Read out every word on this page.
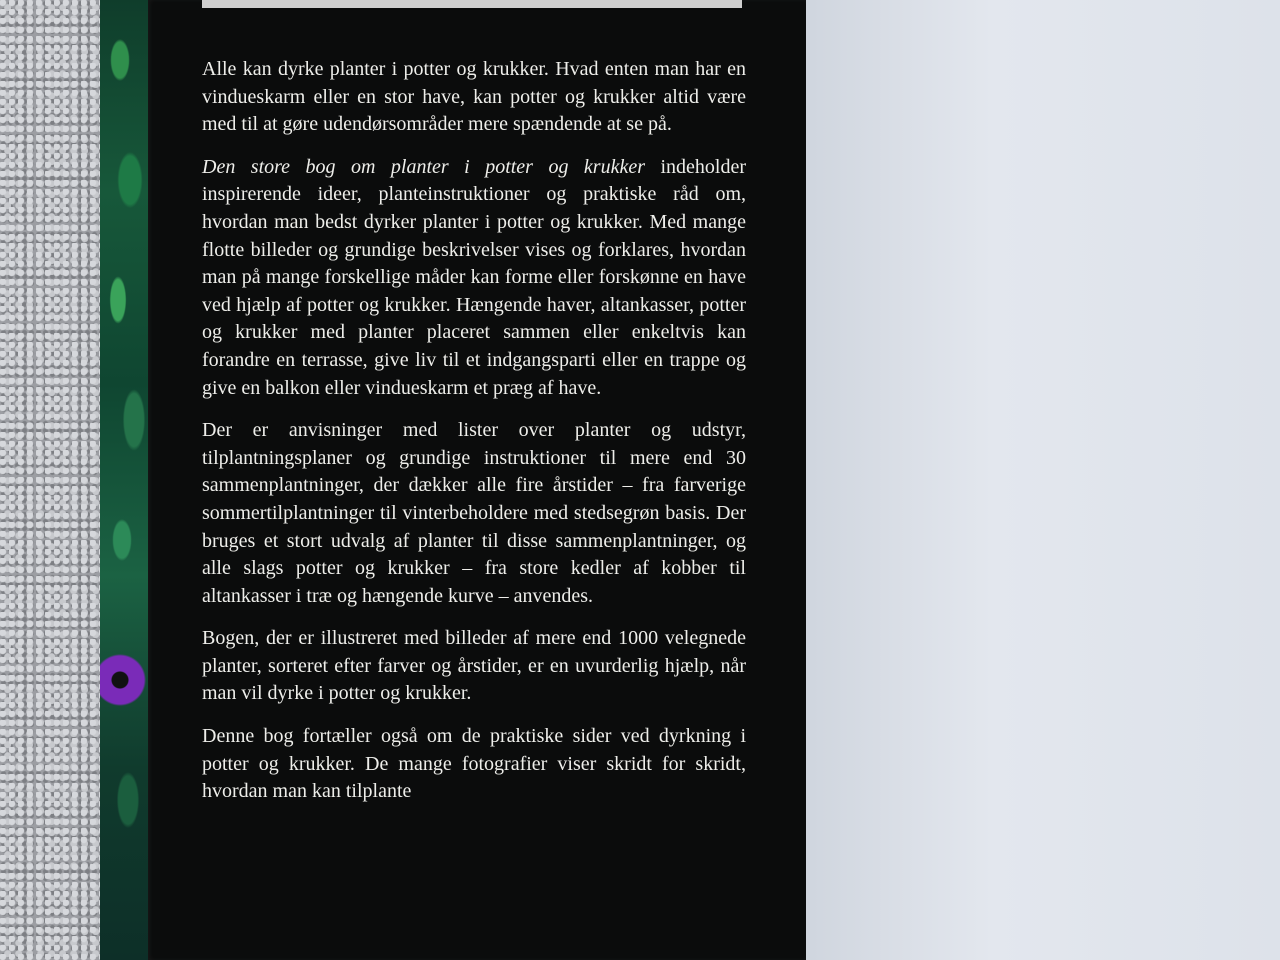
Alle kan dyrke planter i potter og krukker. Hvad enten man har en vindueskarm eller en stor have, kan potter og krukker altid være med til at gøre udendørsområder mere spændende at se på.

Den store bog om planter i potter og krukker indeholder inspirerende ideer, planteinstruktioner og praktiske råd om, hvordan man bedst dyrker planter i potter og krukker. Med mange flotte billeder og grundige beskrivelser vises og forklares, hvordan man på mange forskellige måder kan forme eller forskønne en have ved hjælp af potter og krukker. Hængende haver, altankasser, potter og krukker med planter placeret sammen eller enkeltvis kan forandre en terrasse, give liv til et indgangsparti eller en trappe og give en balkon eller vindueskarm et præg af have.

Der er anvisninger med lister over planter og udstyr, tilplantningsplaner og grundige instruktioner til mere end 30 sammenplantninger, der dækker alle fire årstider – fra farverige sommertilplantninger til vinterbeholdere med stedsegrøn basis. Der bruges et stort udvalg af planter til disse sammenplantninger, og alle slags potter og krukker – fra store kedler af kobber til altankasser i træ og hængende kurve – anvendes.

Bogen, der er illustreret med billeder af mere end 1000 velegnede planter, sorteret efter farver og årstider, er en uvurderlig hjælp, når man vil dyrke i potter og krukker.

Denne bog fortæller også om de praktiske sider ved dyrkning i potter og krukker. De mange fotografier viser skridt for skridt, hvordan man kan tilplante
